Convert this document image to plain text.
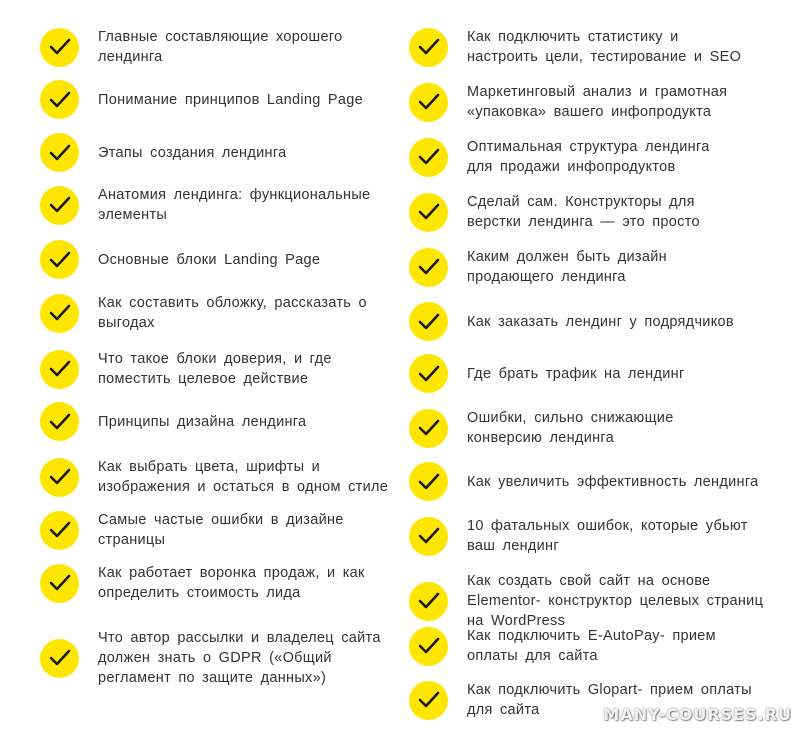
Главные составляющие хорошего лендинга
Понимание принципов Landing Page
Этапы создания лендинга
Анатомия лендинга: функциональные элементы
Основные блоки Landing Page
Как составить обложку, рассказать о выгодах
Что такое блоки доверия, и где поместить целевое действие
Принципы дизайна лендинга
Как выбрать цвета, шрифты и изображения и остаться в одном стиле
Самые частые ошибки в дизайне страницы
Как работает воронка продаж, и как определить стоимость лида
Что автор рассылки и владелец сайта должен знать о GDPR («Общий регламент по защите данных»)
Как подключить статистику и настроить цели, тестирование и SEO
Маркетинговый анализ и грамотная «упаковка» вашего инфопродукта
Оптимальная структура лендинга для продажи инфопродуктов
Сделай сам. Конструкторы для верстки лендинга — это просто
Каким должен быть дизайн продающего лендинга
Как заказать лендинг у подрядчиков
Где брать трафик на лендинг
Ошибки, сильно снижающие конверсию лендинга
Как увеличить эффективность лендинга
10 фатальных ошибок, которые убьют ваш лендинг
Как создать свой сайт на основе Elementor- конструктор целевых страниц на WordPress
Как подключить E-AutoPay- прием оплаты для сайта
Как подключить Glopart- прием оплаты для сайта	MANY-COURSES.RU
